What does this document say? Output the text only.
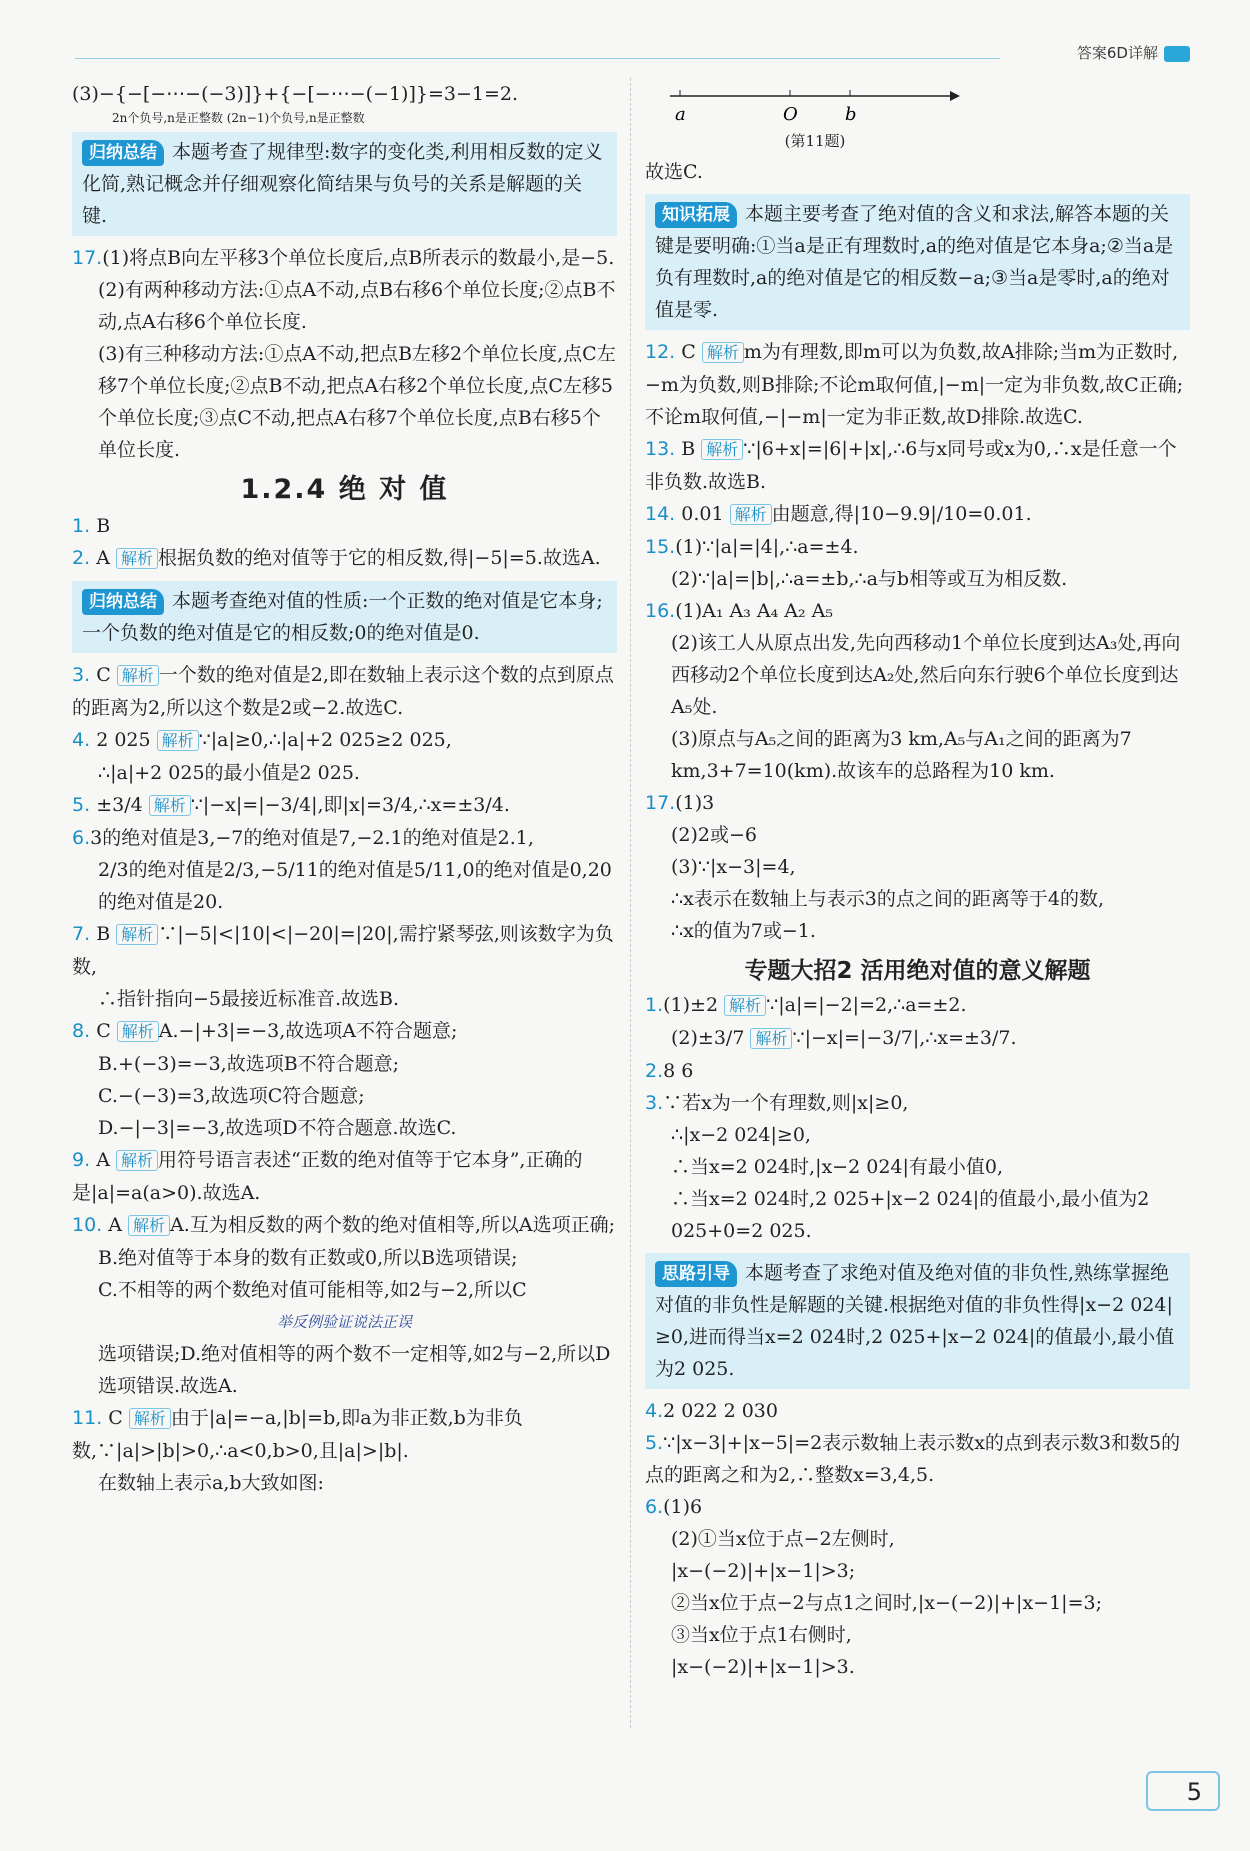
答案6D详解

(3)−{−[−⋯−(−3)]}+{−[−⋯−(−1)]}=3−1=2.

2n个负号,n是正整数 (2n−1)个负号,n是正整数

归纳总结 本题考查了规律型:数字的变化类,利用相反数的定义化简,熟记概念并仔细观察化简结果与负号的关系是解题的关键.

17.(1)将点B向左平移3个单位长度后,点B所表示的数最小,是−5.

(2)有两种移动方法:①点A不动,点B右移6个单位长度;②点B不动,点A右移6个单位长度.

(3)有三种移动方法:①点A不动,把点B左移2个单位长度,点C左移7个单位长度;②点B不动,把点A右移2个单位长度,点C左移5个单位长度;③点C不动,把点A右移7个单位长度,点B右移5个单位长度.

1.2.4 绝 对 值

1. B

2. A 解析 根据负数的绝对值等于它的相反数,得|−5|=5.故选A.

归纳总结 本题考查绝对值的性质:一个正数的绝对值是它本身;一个负数的绝对值是它的相反数;0的绝对值是0.

3. C 解析 一个数的绝对值是2,即在数轴上表示这个数的点到原点的距离为2,所以这个数是2或−2.故选C.

4. 2 025 解析 ∵|a|≥0,∴|a|+2 025≥2 025,

∴|a|+2 025的最小值是2 025.

5. ±3/4 解析 ∵|−x|=|−3/4|,即|x|=3/4,∴x=±3/4.

6.3的绝对值是3,−7的绝对值是7,−2.1的绝对值是2.1,

2/3的绝对值是2/3,−5/11的绝对值是5/11,0的绝对值是0,20的绝对值是20.

7. B 解析 ∵|−5|<|10|<|−20|=|20|,需拧紧琴弦,则该数字为负数,

∴指针指向−5最接近标准音.故选B.

8. C 解析 A.−|+3|=−3,故选项A不符合题意;

B.+(−3)=−3,故选项B不符合题意;

C.−(−3)=3,故选项C符合题意;

D.−|−3|=−3,故选项D不符合题意.故选C.

9. A 解析 用符号语言表述“正数的绝对值等于它本身”,正确的是|a|=a(a>0).故选A.

10. A 解析 A.互为相反数的两个数的绝对值相等,所以A选项正确;

B.绝对值等于本身的数有正数或0,所以B选项错误;

C.不相等的两个数绝对值可能相等,如2与−2,所以C

举反例验证说法正误

选项错误;D.绝对值相等的两个数不一定相等,如2与−2,所以D选项错误.故选A.

11. C 解析 由于|a|=−a,|b|=b,即a为非正数,b为非负数,∵|a|>|b|>0,∴a<0,b>0,且|a|>|b|.

在数轴上表示a,b大致如图:

a	O	b
(第11题)

故选C.

知识拓展 本题主要考查了绝对值的含义和求法,解答本题的关键是要明确:①当a是正有理数时,a的绝对值是它本身a;②当a是负有理数时,a的绝对值是它的相反数−a;③当a是零时,a的绝对值是零.

12. C 解析 m为有理数,即m可以为负数,故A排除;当m为正数时,−m为负数,则B排除;不论m取何值,|−m|一定为非负数,故C正确;不论m取何值,−|−m|一定为非正数,故D排除.故选C.

13. B 解析 ∵|6+x|=|6|+|x|,∴6与x同号或x为0,∴x是任意一个非负数.故选B.

14. 0.01 解析 由题意,得|10−9.9|/10=0.01.

15.(1)∵|a|=|4|,∴a=±4.

(2)∵|a|=|b|,∴a=±b,∴a与b相等或互为相反数.

16.(1)A₁ A₃ A₄ A₂ A₅

(2)该工人从原点出发,先向西移动1个单位长度到达A₃处,再向西移动2个单位长度到达A₂处,然后向东行驶6个单位长度到达A₅处.

(3)原点与A₅之间的距离为3 km,A₅与A₁之间的距离为7 km,3+7=10(km).故该车的总路程为10 km.

17.(1)3

(2)2或−6

(3)∵|x−3|=4,

∴x表示在数轴上与表示3的点之间的距离等于4的数,

∴x的值为7或−1.

专题大招2 活用绝对值的意义解题

1.(1)±2 解析 ∵|a|=|−2|=2,∴a=±2.

(2)±3/7 解析 ∵|−x|=|−3/7|,∴x=±3/7.

2.8 6

3.∵若x为一个有理数,则|x|≥0,

∴|x−2 024|≥0,

∴当x=2 024时,|x−2 024|有最小值0,

∴当x=2 024时,2 025+|x−2 024|的值最小,最小值为2 025+0=2 025.

思路引导 本题考查了求绝对值及绝对值的非负性,熟练掌握绝对值的非负性是解题的关键.根据绝对值的非负性得|x−2 024|≥0,进而得当x=2 024时,2 025+|x−2 024|的值最小,最小值为2 025.

4.2 022 2 030

5.∵|x−3|+|x−5|=2表示数轴上表示数x的点到表示数3和数5的点的距离之和为2,∴整数x=3,4,5.

6.(1)6

(2)①当x位于点−2左侧时,

|x−(−2)|+|x−1|>3;

②当x位于点−2与点1之间时,|x−(−2)|+|x−1|=3;

③当x位于点1右侧时,

|x−(−2)|+|x−1|>3.

5
